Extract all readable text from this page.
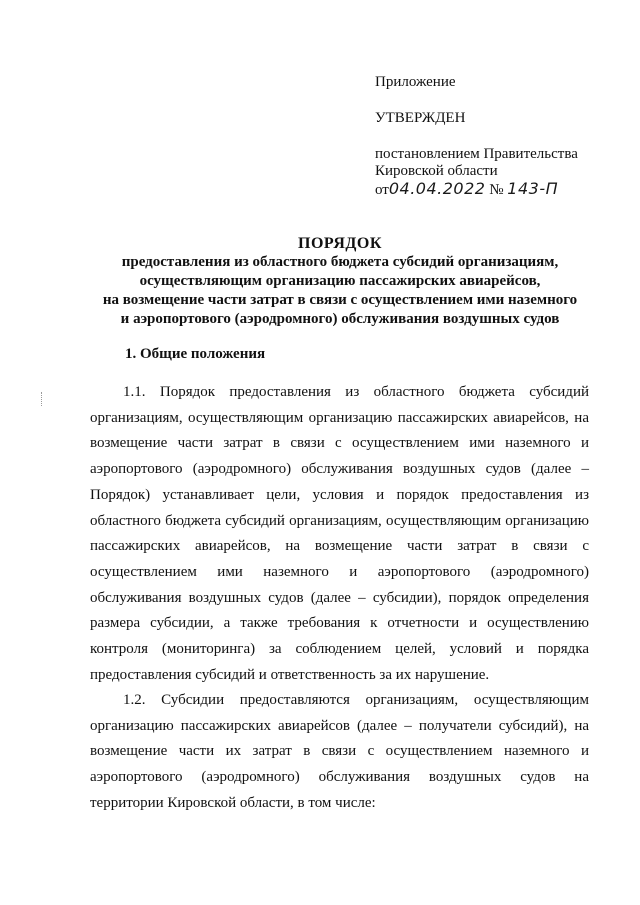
Приложение
УТВЕРЖДЕН
постановлением Правительства
Кировской области
от04.04.2022 № 143-П
ПОРЯДОК
предоставления из областного бюджета субсидий организациям,
осуществляющим организацию пассажирских авиарейсов,
на возмещение части затрат в связи с осуществлением ими наземного
и аэропортового (аэродромного) обслуживания воздушных судов
1. Общие положения
1.1. Порядок предоставления из областного бюджета субсидий организациям, осуществляющим организацию пассажирских авиарейсов, на возмещение части затрат в связи с осуществлением ими наземного и аэропортового (аэродромного) обслуживания воздушных судов (далее – Порядок) устанавливает цели, условия и порядок предоставления из областного бюджета субсидий организациям, осуществляющим организацию пассажирских авиарейсов, на возмещение части затрат в связи с осуществлением ими наземного и аэропортового (аэродромного) обслуживания воздушных судов (далее – субсидии), порядок определения размера субсидии, а также требования к отчетности и осуществлению контроля (мониторинга) за соблюдением целей, условий и порядка предоставления субсидий и ответственность за их нарушение.
1.2. Субсидии предоставляются организациям, осуществляющим организацию пассажирских авиарейсов (далее – получатели субсидий), на возмещение части их затрат в связи с осуществлением наземного и аэропортового (аэродромного) обслуживания воздушных судов на территории Кировской области, в том числе:
